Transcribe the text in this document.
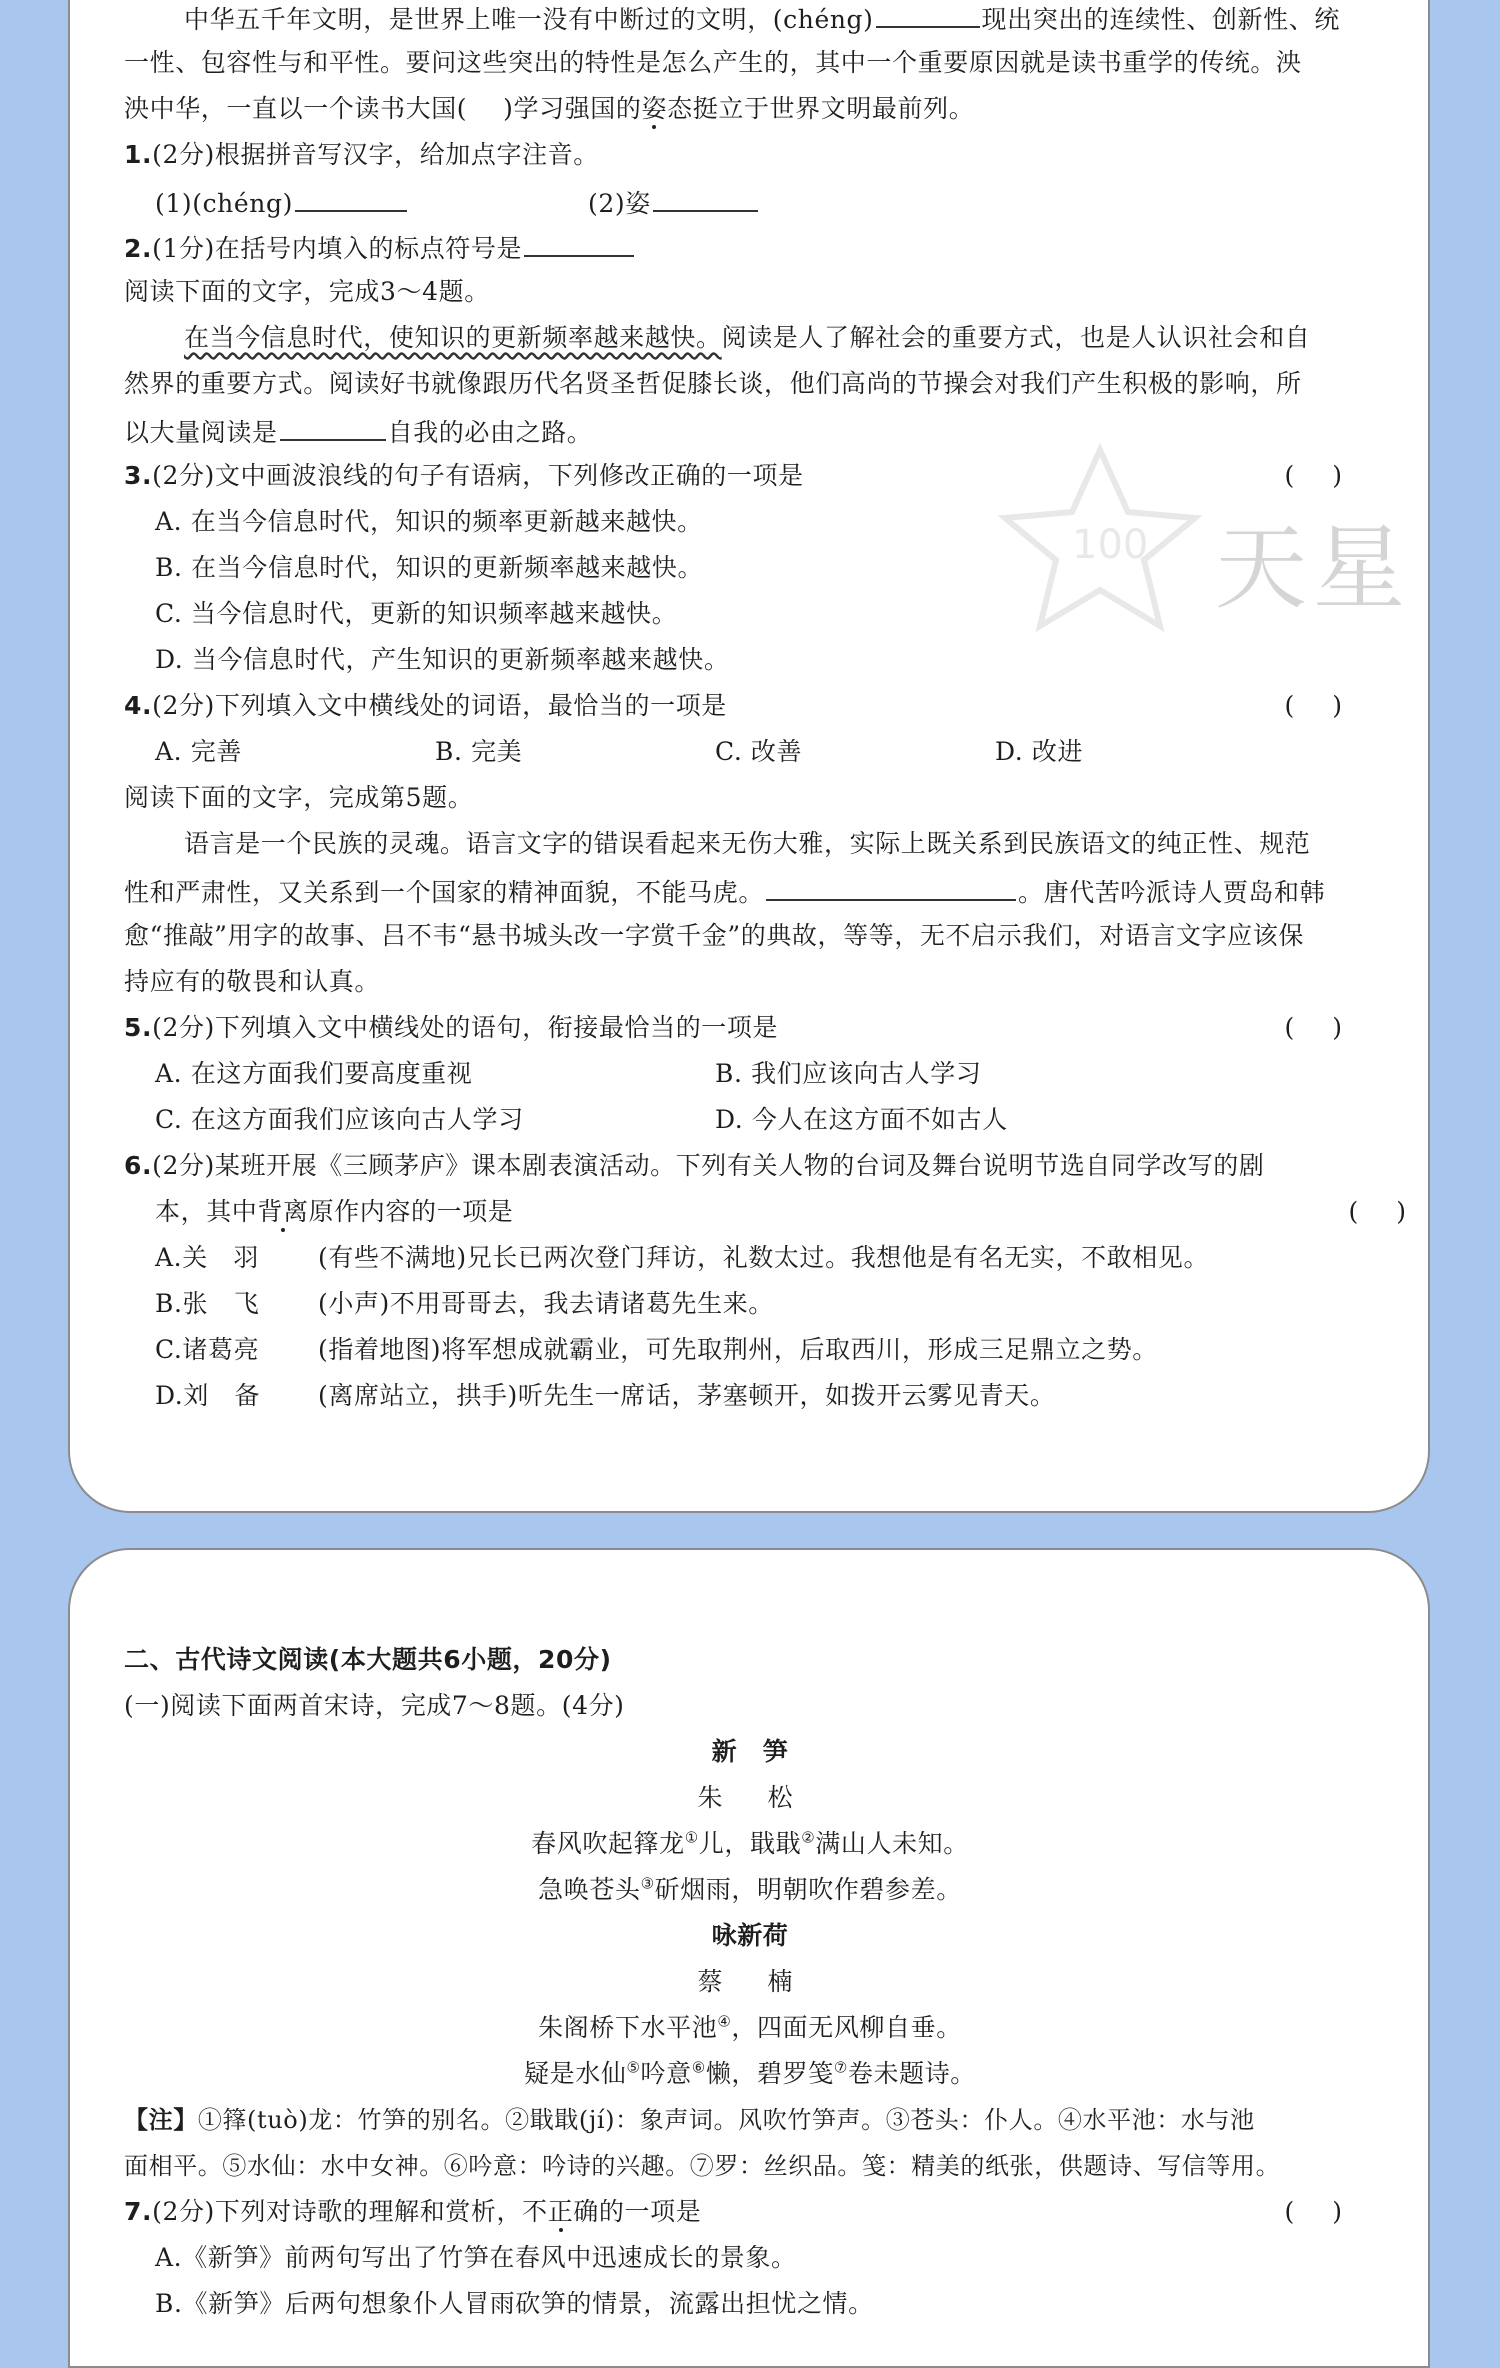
100 天星
中华五千年文明，是世界上唯一没有中断过的文明，(chéng)	现出突出的连续性、创新性、统
一性、包容性与和平性。要问这些突出的特性是怎么产生的，其中一个重要原因就是读书重学的传统。泱
泱中华，一直以一个读书大国( )学习强国的姿态挺立于世界文明最前列。
1.(2分)根据拼音写汉字，给加点字注音。
(1)(chéng)	(2)姿
2.(1分)在括号内填入的标点符号是
阅读下面的文字，完成3～4题。
在当今信息时代，使知识的更新频率越来越快。阅读是人了解社会的重要方式，也是人认识社会和自
然界的重要方式。阅读好书就像跟历代名贤圣哲促膝长谈，他们高尚的节操会对我们产生积极的影响，所
以大量阅读是	自我的必由之路。
3.(2分)文中画波浪线的句子有语病，下列修改正确的一项是	()
A. 在当今信息时代，知识的频率更新越来越快。
B. 在当今信息时代，知识的更新频率越来越快。
C. 当今信息时代，更新的知识频率越来越快。
D. 当今信息时代，产生知识的更新频率越来越快。
4.(2分)下列填入文中横线处的词语，最恰当的一项是	()
A. 完善	B. 完美	C. 改善	D. 改进
阅读下面的文字，完成第5题。
语言是一个民族的灵魂。语言文字的错误看起来无伤大雅，实际上既关系到民族语文的纯正性、规范
性和严肃性，又关系到一个国家的精神面貌，不能马虎。	。唐代苦吟派诗人贾岛和韩
愈“推敲”用字的故事、吕不韦“悬书城头改一字赏千金”的典故，等等，无不启示我们，对语言文字应该保
持应有的敬畏和认真。
5.(2分)下列填入文中横线处的语句，衔接最恰当的一项是	()
A. 在这方面我们要高度重视	B. 我们应该向古人学习
C. 在这方面我们应该向古人学习	D. 今人在这方面不如古人
6.(2分)某班开展《三顾茅庐》课本剧表演活动。下列有关人物的台词及舞台说明节选自同学改写的剧
本，其中背离原作内容的一项是	()
A.关　羽 (有些不满地)兄长已两次登门拜访，礼数太过。我想他是有名无实，不敢相见。
B.张　飞 (小声)不用哥哥去，我去请诸葛先生来。
C.诸葛亮 (指着地图)将军想成就霸业，可先取荆州，后取西川，形成三足鼎立之势。
D.刘　备 (离席站立，拱手)听先生一席话，茅塞顿开，如拨开云雾见青天。
二、古代诗文阅读(本大题共6小题，20分)
(一)阅读下面两首宋诗，完成7～8题。(4分)
新　笋
朱　松
春风吹起箨龙①儿，戢戢②满山人未知。
急唤苍头③斫烟雨，明朝吹作碧参差。
咏新荷
蔡　楠
朱阁桥下水平池④，四面无风柳自垂。
疑是水仙⑤吟意⑥懒，碧罗笺⑦卷未题诗。
【注】①箨(tuò)龙：竹笋的别名。②戢戢(jí)：象声词。风吹竹笋声。③苍头：仆人。④水平池：水与池
面相平。⑤水仙：水中女神。⑥吟意：吟诗的兴趣。⑦罗：丝织品。笺：精美的纸张，供题诗、写信等用。
7.(2分)下列对诗歌的理解和赏析，不正确的一项是	()
A.《新笋》前两句写出了竹笋在春风中迅速成长的景象。
B.《新笋》后两句想象仆人冒雨砍笋的情景，流露出担忧之情。
